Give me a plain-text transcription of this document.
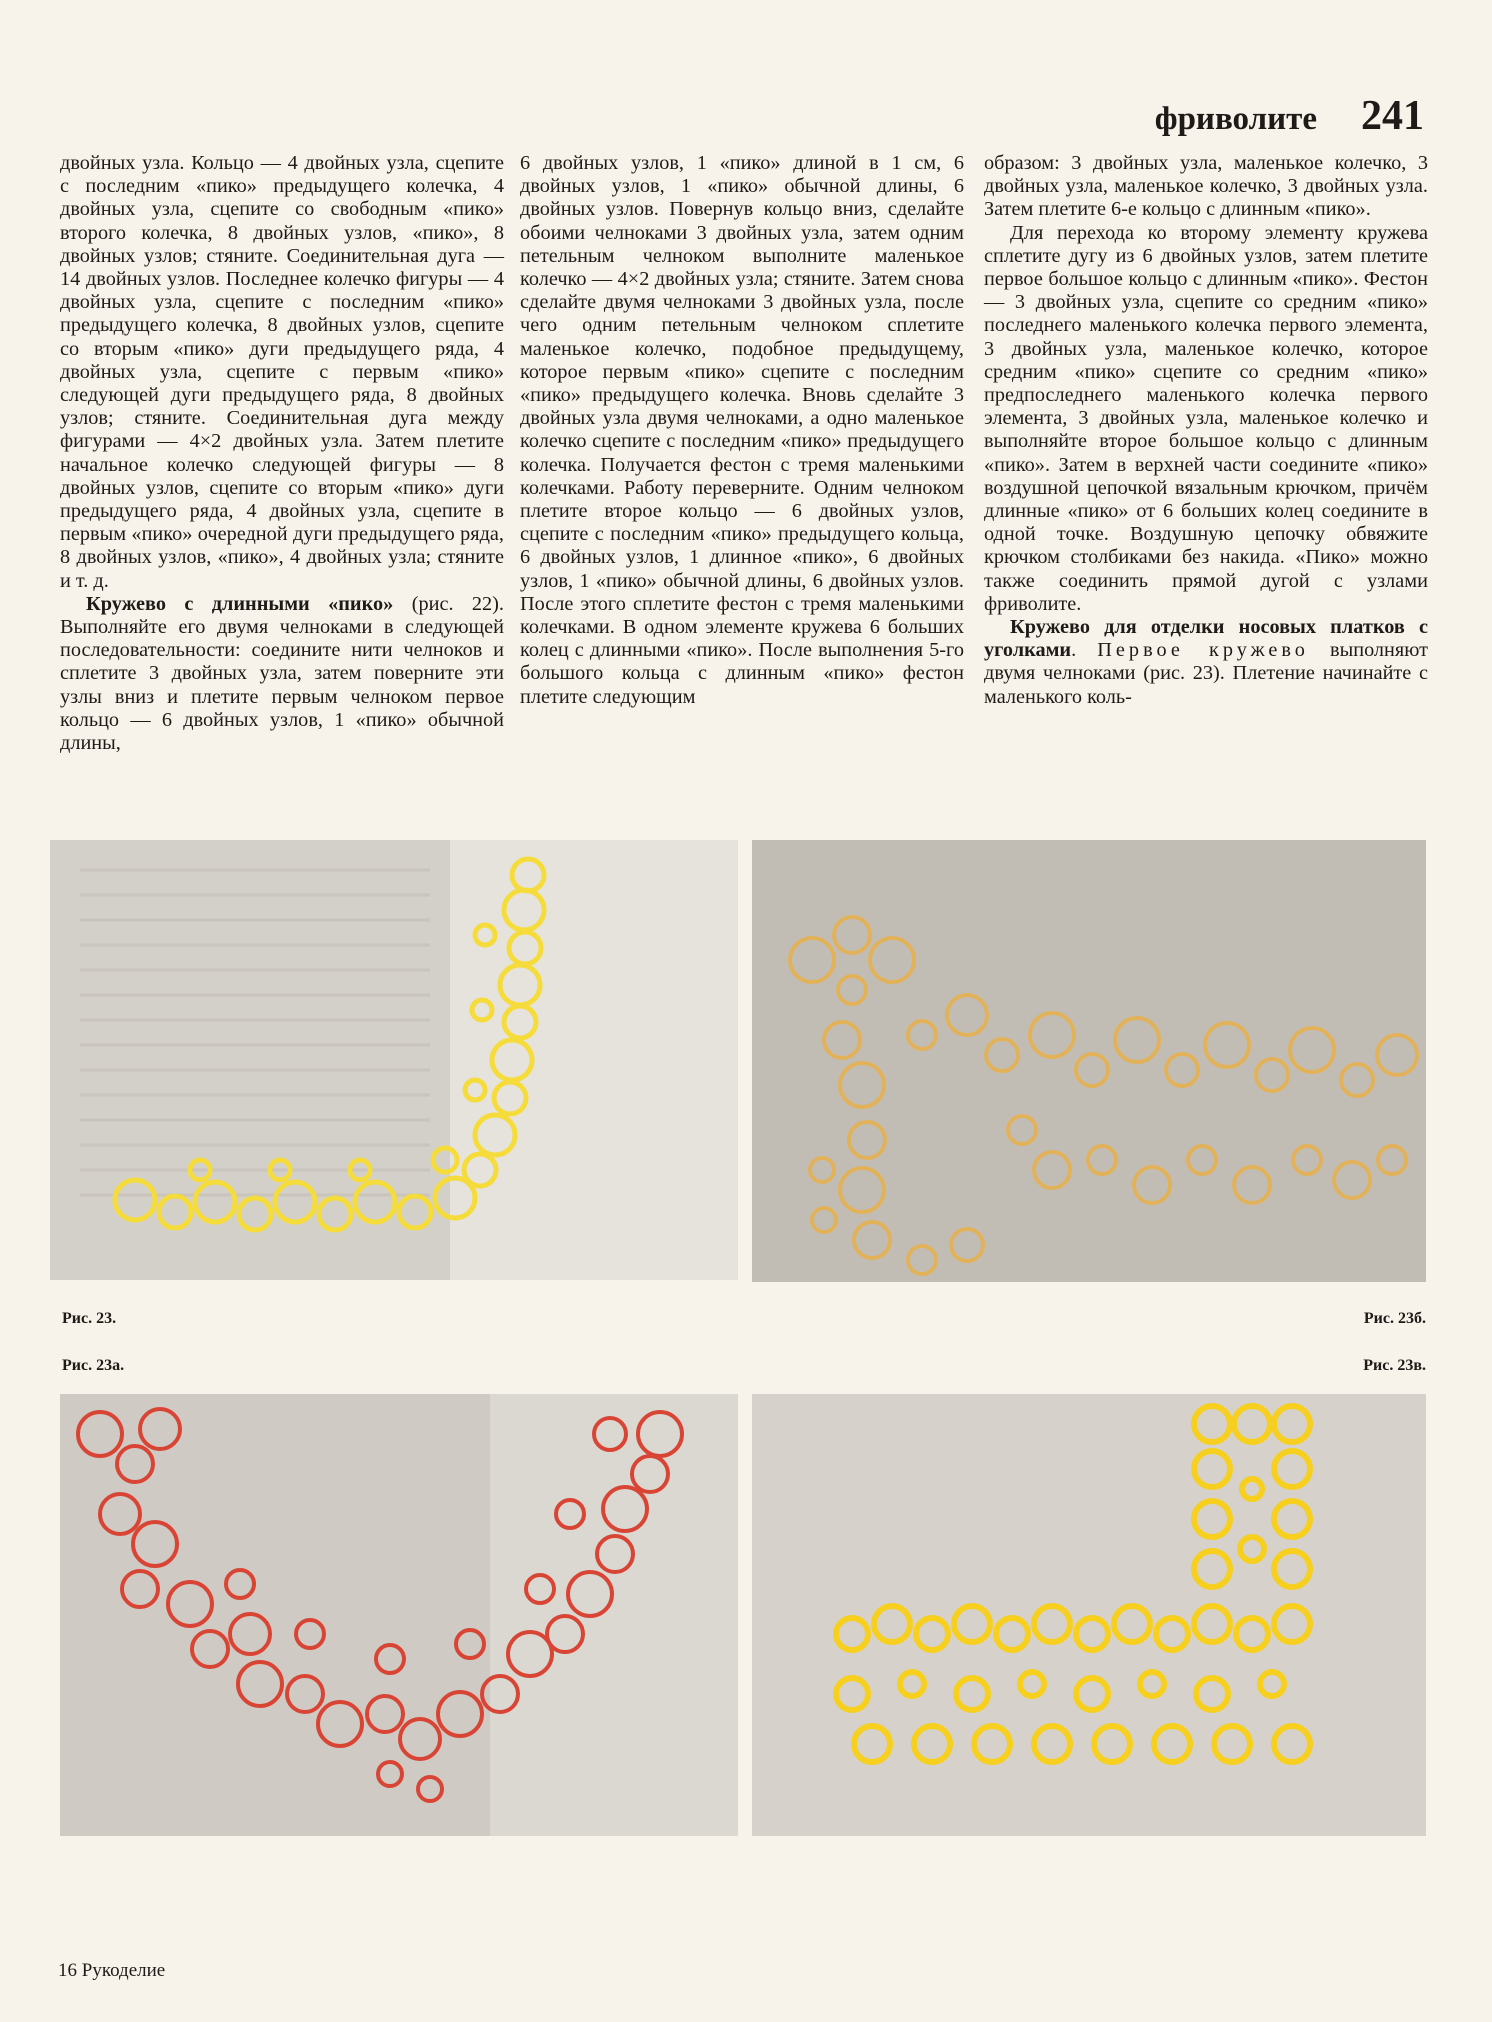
фриволите 241

двойных узла. Кольцо — 4 двойных узла, сцепите с последним «пико» предыдущего колечка, 4 двойных узла, сцепите со свободным «пико» второго колечка, 8 двойных узлов, «пико», 8 двойных узлов; стяните. Соединительная дуга — 14 двойных узлов. Последнее колечко фигуры — 4 двойных узла, сцепите с последним «пико» предыдущего колечка, 8 двойных узлов, сцепите со вторым «пико» дуги предыдущего ряда, 4 двойных узла, сцепите с первым «пико» следующей дуги предыдущего ряда, 8 двойных узлов; стяните. Соединительная дуга между фигурами — 4×2 двойных узла. Затем плетите начальное колечко следующей фигуры — 8 двойных узлов, сцепите со вторым «пико» дуги предыдущего ряда, 4 двойных узла, сцепите в первым «пико» очередной дуги предыдущего ряда, 8 двойных узлов, «пико», 4 двойных узла; стяните и т. д.

Кружево с длинными «пико» (рис. 22). Выполняйте его двумя челноками в следующей последовательности: соедините нити челноков и сплетите 3 двойных узла, затем поверните эти узлы вниз и плетите первым челноком первое кольцо — 6 двойных узлов, 1 «пико» обычной длины,

6 двойных узлов, 1 «пико» длиной в 1 см, 6 двойных узлов, 1 «пико» обычной длины, 6 двойных узлов. Повернув кольцо вниз, сделайте обоими челноками 3 двойных узла, затем одним петельным челноком выполните маленькое колечко — 4×2 двойных узла; стяните. Затем снова сделайте двумя челноками 3 двойных узла, после чего одним петельным челноком сплетите маленькое колечко, подобное предыдущему, которое первым «пико» сцепите с последним «пико» предыдущего колечка. Вновь сделайте 3 двойных узла двумя челноками, а одно маленькое колечко сцепите с последним «пико» предыдущего колечка. Получается фестон с тремя маленькими колечками. Работу переверните. Одним челноком плетите второе кольцо — 6 двойных узлов, сцепите с последним «пико» предыдущего кольца, 6 двойных узлов, 1 длинное «пико», 6 двойных узлов, 1 «пико» обычной длины, 6 двойных узлов. После этого сплетите фестон с тремя маленькими колечками. В одном элементе кружева 6 больших колец с длинными «пико». После выполнения 5-го большого кольца с длинным «пико» фестон плетите следующим

образом: 3 двойных узла, маленькое колечко, 3 двойных узла, маленькое колечко, 3 двойных узла. Затем плетите 6-е кольцо с длинным «пико».

Для перехода ко второму элементу кружева сплетите дугу из 6 двойных узлов, затем плетите первое большое кольцо с длинным «пико». Фестон — 3 двойных узла, сцепите со средним «пико» последнего маленького колечка первого элемента, 3 двойных узла, маленькое колечко, которое средним «пико» сцепите со средним «пико» предпоследнего маленького колечка первого элемента, 3 двойных узла, маленькое колечко и выполняйте второе большое кольцо с длинным «пико». Затем в верхней части соедините «пико» воздушной цепочкой вязальным крючком, причём длинные «пико» от 6 больших колец соедините в одной точке. Воздушную цепочку обвяжите крючком столбиками без накида. «Пико» можно также соединить прямой дугой с узлами фриволите.

Кружево для отделки носовых платков с уголками. Первое кружево выполняют двумя челноками (рис. 23). Плетение начинайте с маленького коль-

Рис. 23.	Рис. 23б.
Рис. 23а.	Рис. 23в.
16 Рукоделие
